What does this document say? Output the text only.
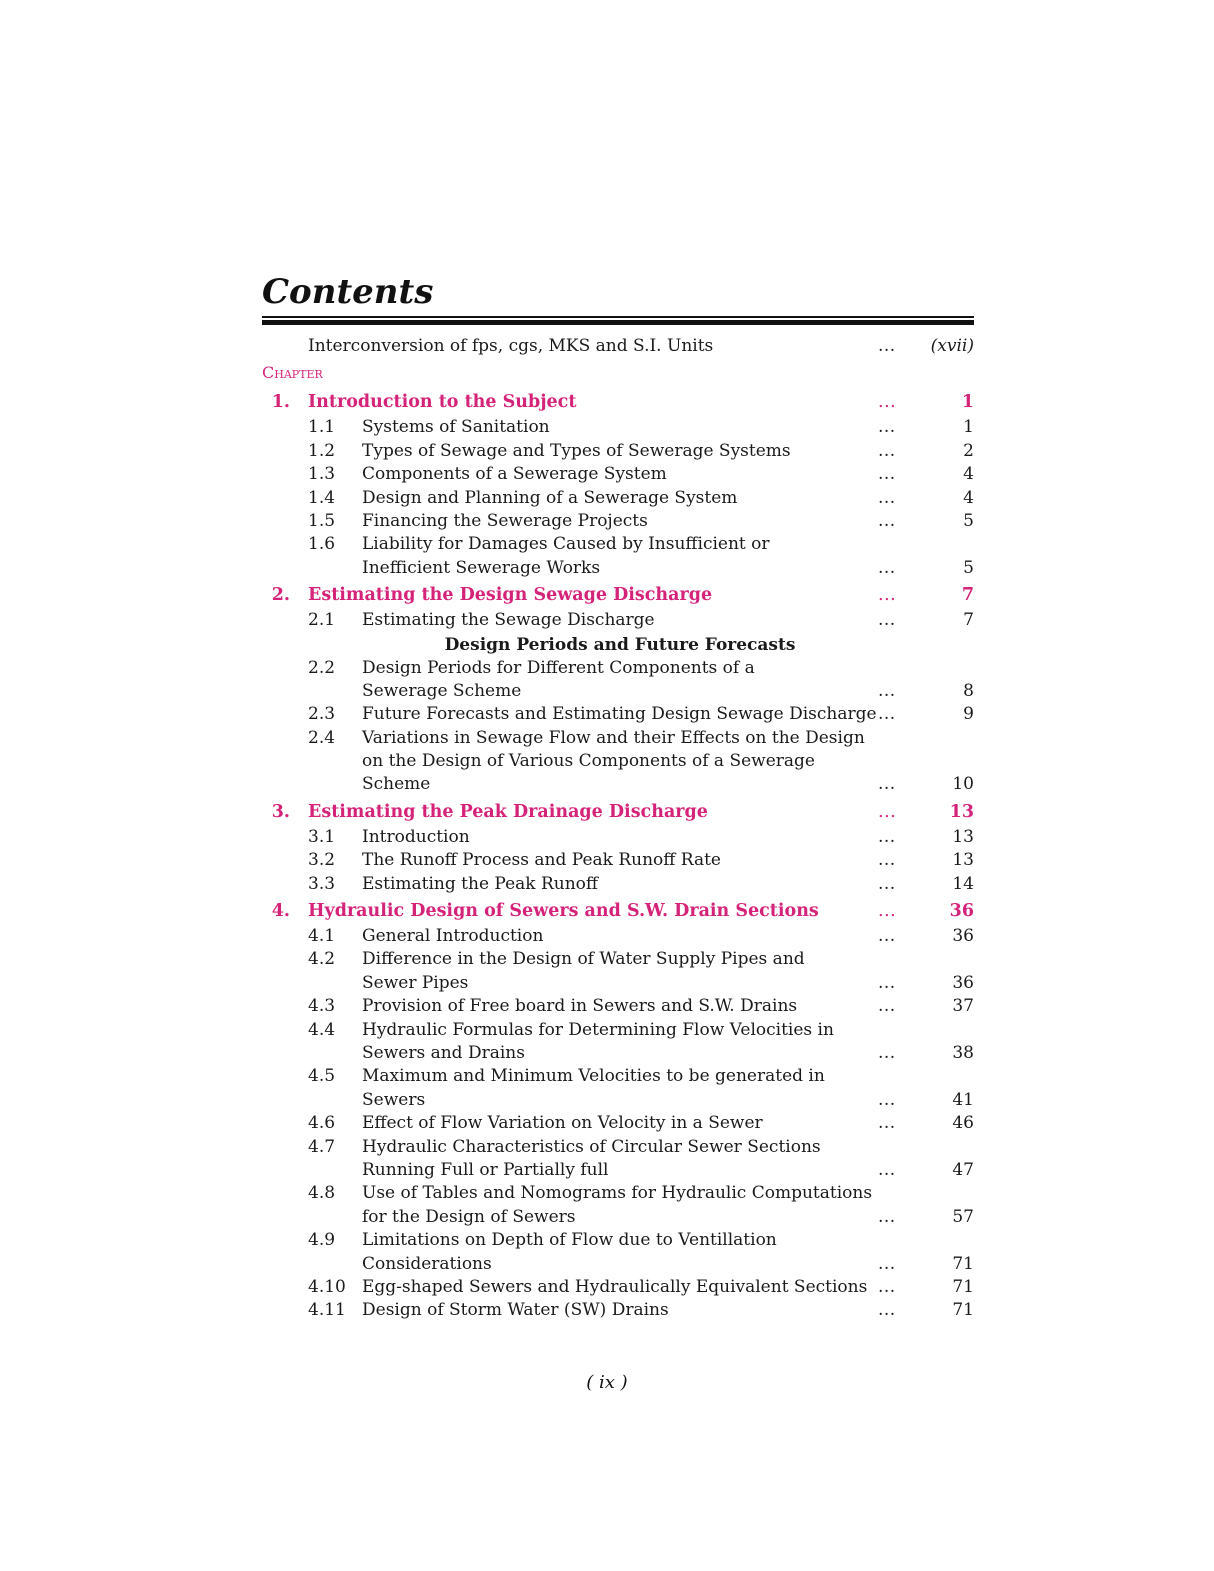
Contents
Interconversion of fps, cgs, MKS and S.I. Units	... (xvii)
Chapter
1. Introduction to the Subject	...	1
1.1 Systems of Sanitation	...	1
1.2 Types of Sewage and Types of Sewerage Systems	...	2
1.3 Components of a Sewerage System	...	4
1.4 Design and Planning of a Sewerage System	...	4
1.5 Financing the Sewerage Projects	...	5
1.6 Liability for Damages Caused by Insufficient or
Inefficient Sewerage Works	...	5
2. Estimating the Design Sewage Discharge	...	7
2.1 Estimating the Sewage Discharge	...	7
Design Periods and Future Forecasts
2.2 Design Periods for Different Components of a
Sewerage Scheme	...	8
2.3 Future Forecasts and Estimating Design Sewage Discharge ...	9
2.4 Variations in Sewage Flow and their Effects on the Design
on the Design of Various Components of a Sewerage
Scheme	...	10
3. Estimating the Peak Drainage Discharge	...	13
3.1 Introduction	...	13
3.2 The Runoff Process and Peak Runoff Rate	...	13
3.3 Estimating the Peak Runoff	...	14
4. Hydraulic Design of Sewers and S.W. Drain Sections	...	36
4.1 General Introduction	...	36
4.2 Difference in the Design of Water Supply Pipes and
Sewer Pipes	...	36
4.3 Provision of Free board in Sewers and S.W. Drains	...	37
4.4 Hydraulic Formulas for Determining Flow Velocities in
Sewers and Drains	...	38
4.5 Maximum and Minimum Velocities to be generated in
Sewers	...	41
4.6 Effect of Flow Variation on Velocity in a Sewer	...	46
4.7 Hydraulic Characteristics of Circular Sewer Sections
Running Full or Partially full	...	47
4.8 Use of Tables and Nomograms for Hydraulic Computations
for the Design of Sewers	...	57
4.9 Limitations on Depth of Flow due to Ventillation
Considerations	...	71
4.10 Egg-shaped Sewers and Hydraulically Equivalent Sections ...	71
4.11 Design of Storm Water (SW) Drains	...	71
( ix )
